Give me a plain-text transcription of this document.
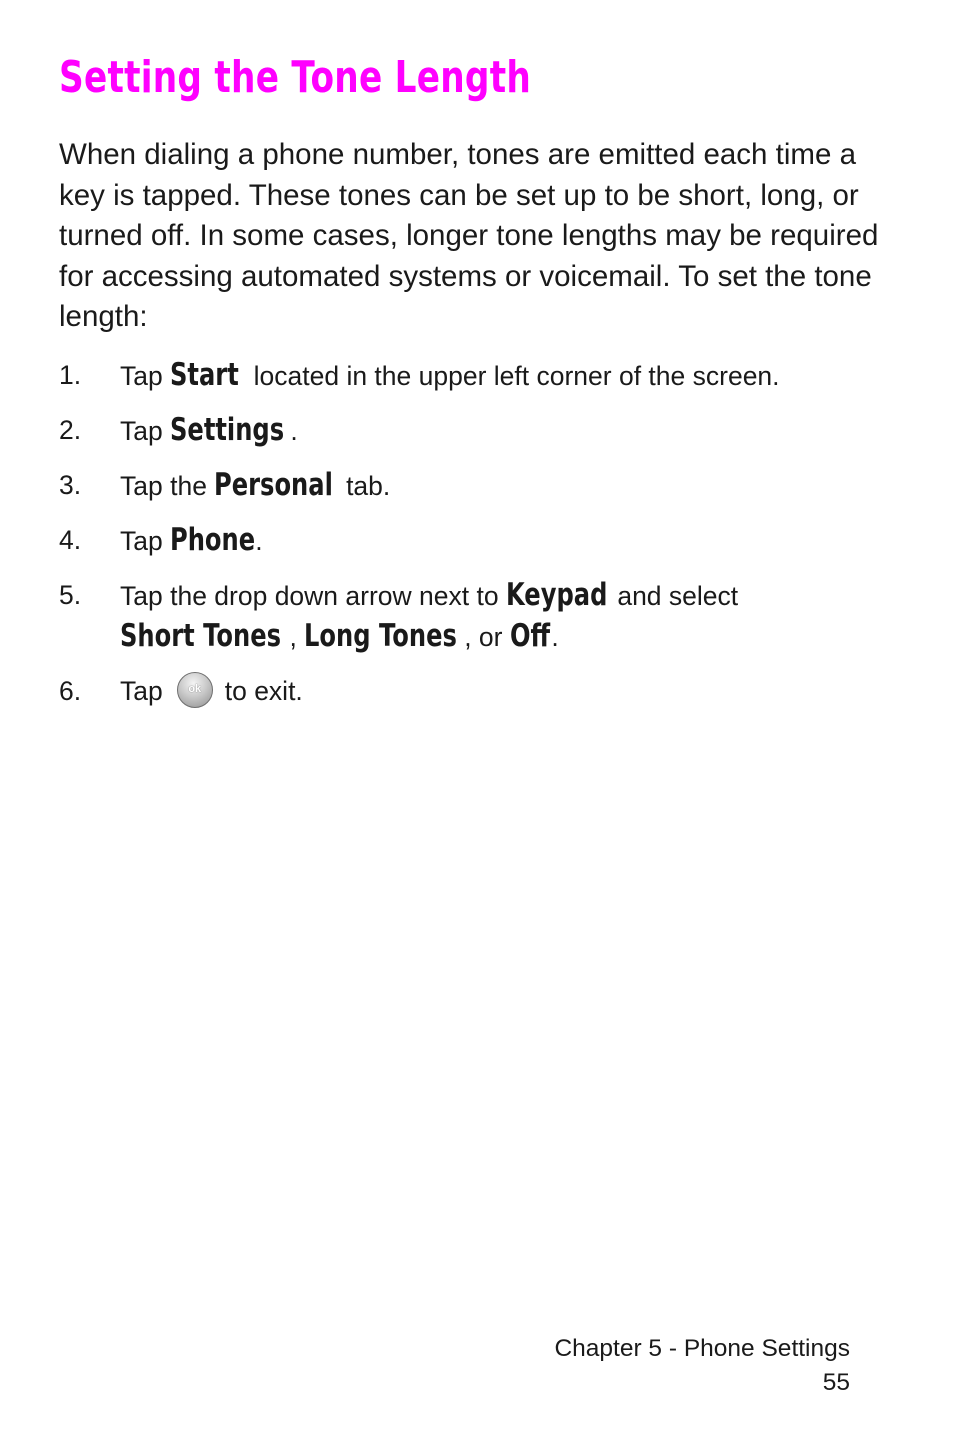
Setting the Tone Length

When dialing a phone number, tones are emitted each time a key is tapped. These tones can be set up to be short, long, or turned off. In some cases, longer tone lengths may be required for accessing automated systems or voicemail. To set the tone length:

1. Tap Start located in the upper left corner of the screen.
2. Tap Settings .
3. Tap the Personal tab.
4. Tap Phone.
5. Tap the drop down arrow next to Keypad and select
Short Tones , Long Tones , or Off.
6. Tap	ok to exit.
Chapter 5 - Phone Settings
55
